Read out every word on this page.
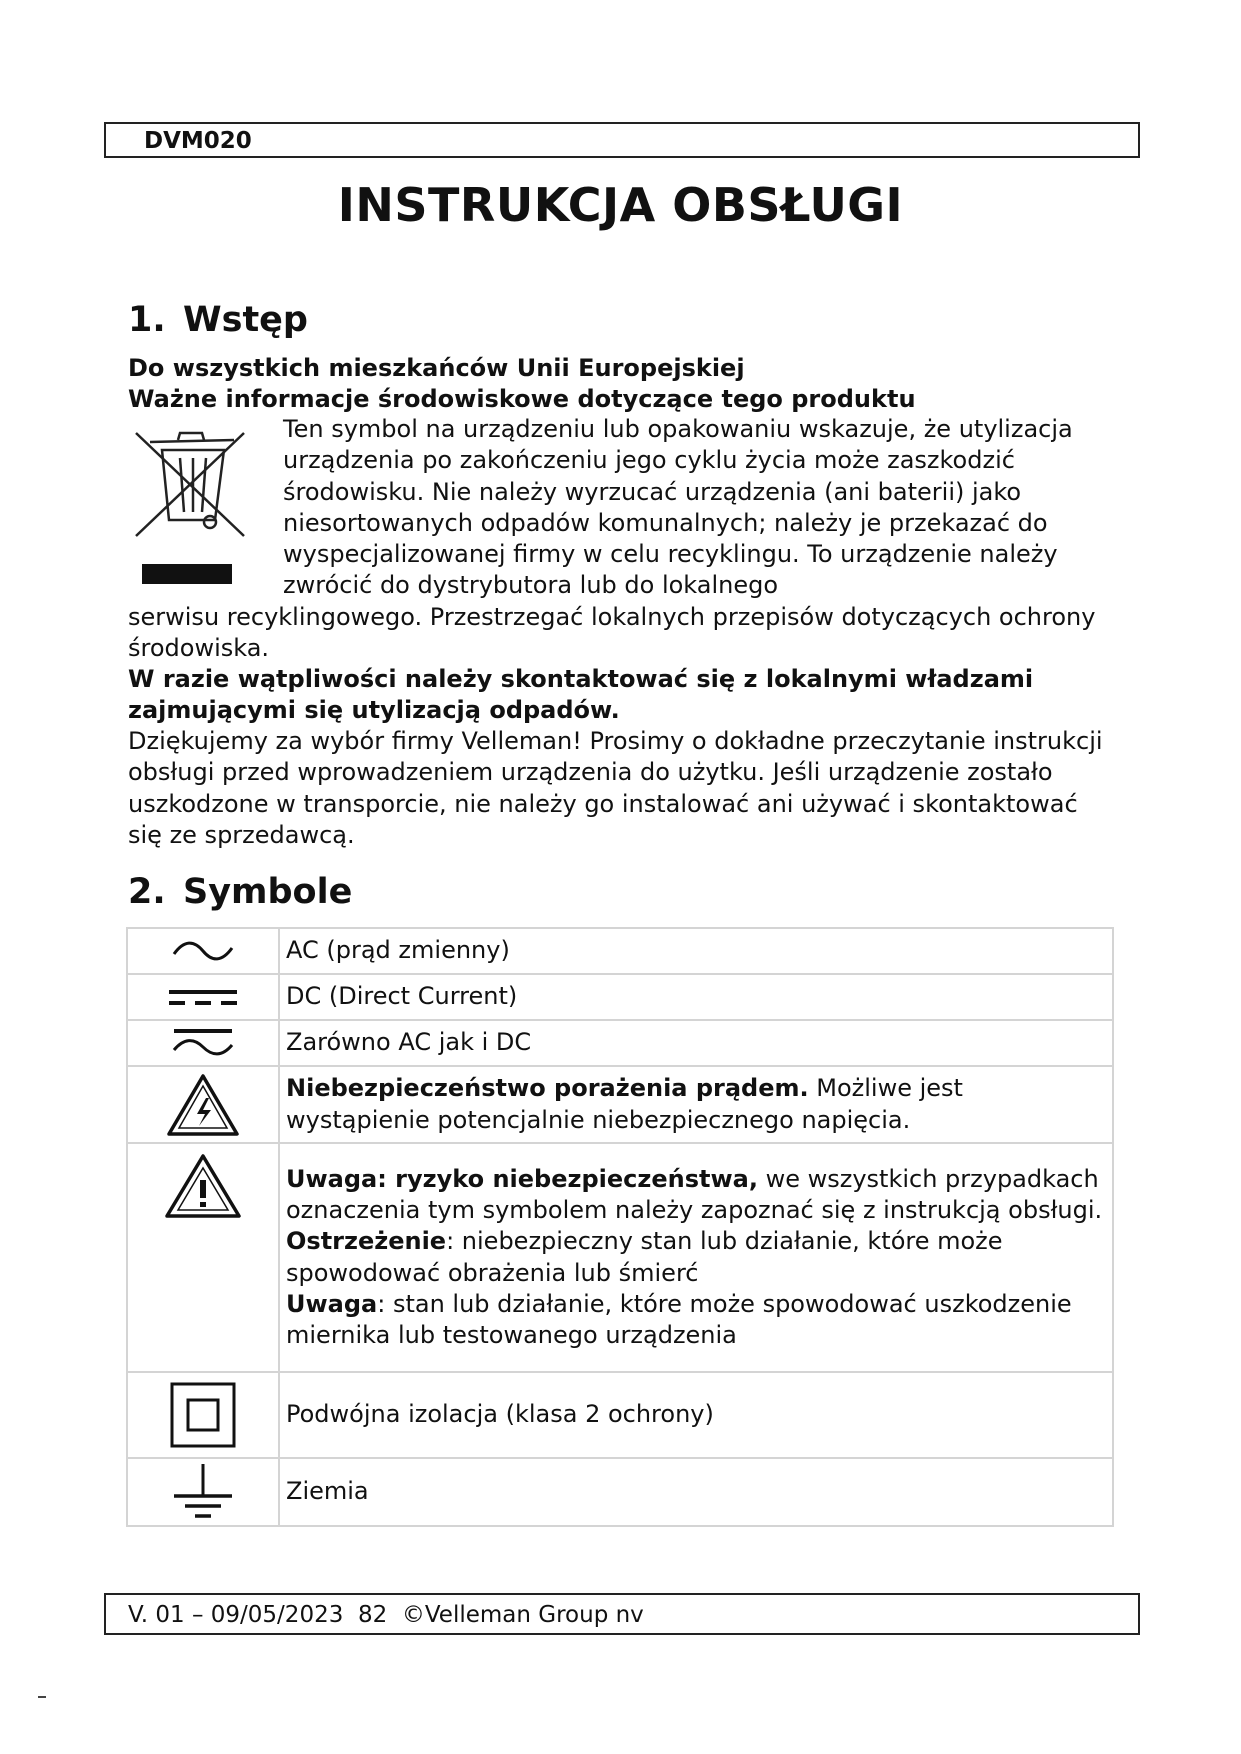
DVM020
INSTRUKCJA OBSŁUGI
1. Wstęp
Do wszystkich mieszkańców Unii Europejskiej
Ważne informacje środowiskowe dotyczące tego produktu

Ten symbol na urządzeniu lub opakowaniu wskazuje, że utylizacja urządzenia po zakończeniu jego cyklu życia może zaszkodzić środowisku. Nie należy wyrzucać urządzenia (ani baterii) jako niesortowanych odpadów komunalnych; należy je przekazać do wyspecjalizowanej firmy w celu recyklingu. To urządzenie należy zwrócić do dystrybutora lub do lokalnego

serwisu recyklingowego. Przestrzegać lokalnych przepisów dotyczących ochrony środowiska.

W razie wątpliwości należy skontaktować się z lokalnymi władzami zajmującymi się utylizacją odpadów.

Dziękujemy za wybór firmy Velleman! Prosimy o dokładne przeczytanie instrukcji obsługi przed wprowadzeniem urządzenia do użytku. Jeśli urządzenie zostało uszkodzone w transporcie, nie należy go instalować ani używać i skontaktować się ze sprzedawcą.

2. Symbole
	AC (prąd zmienny)

	DC (Direct Current)

	Zarówno AC jak i DC

	Niebezpieczeństwo porażenia prądem. Możliwe jest wystąpienie potencjalnie niebezpiecznego napięcia.

	Uwaga: ryzyko niebezpieczeństwa, we wszystkich przypadkach oznaczenia tym symbolem należy zapoznać się z instrukcją obsługi.
Ostrzeżenie: niebezpieczny stan lub działanie, które może spowodować obrażenia lub śmierć
Uwaga: stan lub działanie, które może spowodować uszkodzenie miernika lub testowanego urządzenia

	Podwójna izolacja (klasa 2 ochrony)

	Ziemia
V. 01 – 09/05/2023  82  ©Velleman Group nv
